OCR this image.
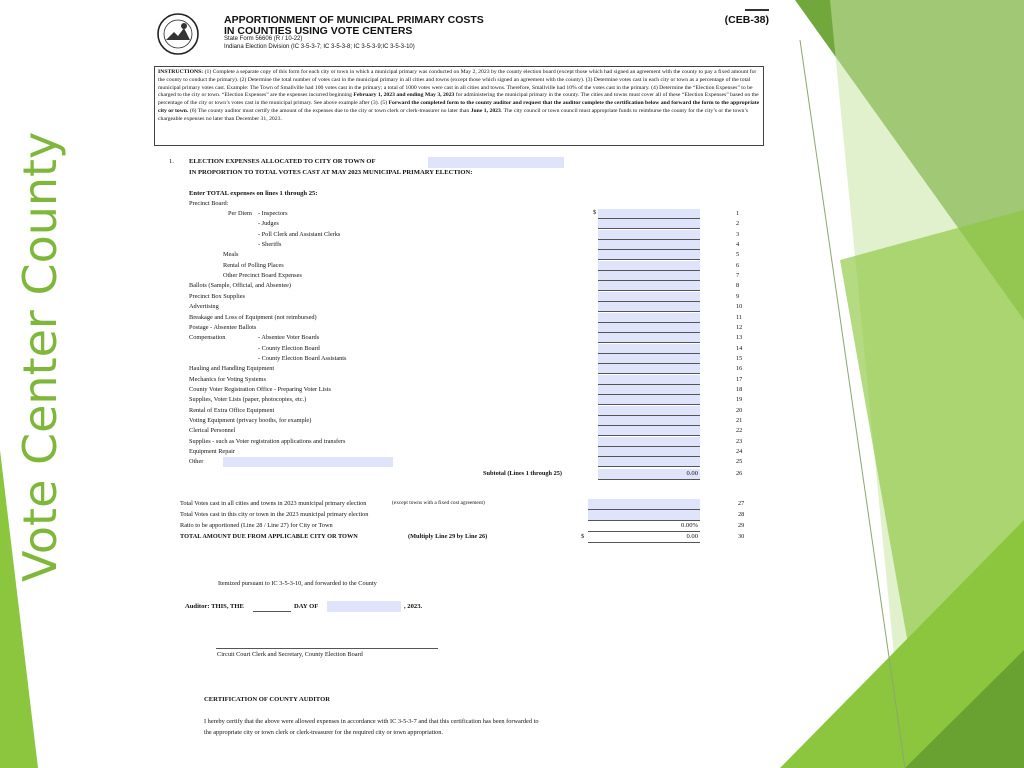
Vote Center County
APPORTIONMENT OF MUNICIPAL PRIMARY COSTS
IN COUNTIES USING VOTE CENTERS
(CEB-38)
State Form 56606 (R / 10-22)
Indiana Election Division (IC 3-5-3-7; IC 3-5-3-8; IC 3-5-3-9;IC 3-5-3-10)
INSTRUCTIONS: (1) Complete a separate copy of this form for each city or town in which a municipal primary was conducted on May 2, 2023 by the county election board (except those which had signed an agreement with the county to pay a fixed amount for the county to conduct the primary). (2) Determine the total number of votes cast in the municipal primary in all cities and towns (except those which signed an agreement with the county). (3) Determine votes cast in each city or town as a percentage of the total municipal primary votes cast. Example: The Town of Smallville had 100 votes cast in the primary; a total of 1000 votes were cast in all cities and towns. Therefore, Smallville had 10% of the votes cast in the primary. (4) Determine the “Election Expenses” to be charged to the city or town. “Election Expenses” are the expenses incurred beginning February 1, 2023 and ending May 3, 2023 for administering the municipal primary in the county. The cities and towns must cover all of these “Election Expenses” based on the percentage of the city or town’s votes cast in the municipal primary. See above example after (3). (5) Forward the completed form to the county auditor and request that the auditor complete the certification below and forward the form to the appropriate city or town. (6) The county auditor must certify the amount of the expenses due to the city or town clerk or clerk-treasurer no later than June 1, 2023. The city council or town council must appropriate funds to reimburse the county for the city’s or the town’s chargeable expenses no later than December 31, 2023.
1. ELECTION EXPENSES ALLOCATED TO CITY OR TOWN OF
IN PROPORTION TO TOTAL VOTES CAST AT MAY 2023 MUNICIPAL PRIMARY ELECTION:
Enter TOTAL expenses on lines 1 through 25:
Precinct Board:
$
Per Diem - Inspectors	1
- Judges	2
- Poll Clerk and Assistant Clerks	3
- Sheriffs	4
Meals	5
Rental of Polling Places	6
Other Precinct Board Expenses	7
Ballots (Sample, Official, and Absentee)	8
Precinct Box Supplies	9
Advertising	10
Breakage and Loss of Equipment (not reimbursed)	11
Postage - Absentee Ballots	12
Compensation	- Absentee Voter Boards	13
- County Election Board	14
- County Election Board Assistants	15
Hauling and Handling Equipment	16
Mechanics for Voting Systems	17
County Voter Registration Office - Preparing Voter Lists	18
Supplies, Voter Lists (paper, photocopies, etc.)	19
Rental of Extra Office Equipment	20
Voting Equipment (privacy booths, for example)	21
Clerical Personnel	22
Supplies - such as Voter registration applications and transfers	23
Equipment Repair	24
Other	25
Subtotal (Lines 1 through 25)	0.00	26
Total Votes cast in all cities and towns in 2023 municipal primary election	(except towns with a fixed cost agreement)	27
Total Votes cast in this city or town in the 2023 municipal primary election	28
Ratio to be apportioned (Line 28 / Line 27) for City or Town	0.00%	29
TOTAL AMOUNT DUE FROM APPLICABLE CITY OR TOWN	(Multiply Line 29 by Line 26)	$	0.00	30
Itemized pursuant to IC 3-5-3-10, and forwarded to the County
Auditor: THIS, THE	DAY OF	, 2023.
Circuit Court Clerk and Secretary, County Election Board
CERTIFICATION OF COUNTY AUDITOR
I hereby certify that the above were allowed expenses in accordance with IC 3-5-3-7 and that this certification has been forwarded to
the appropriate city or town clerk or clerk-treasurer for the required city or town appropriation.
